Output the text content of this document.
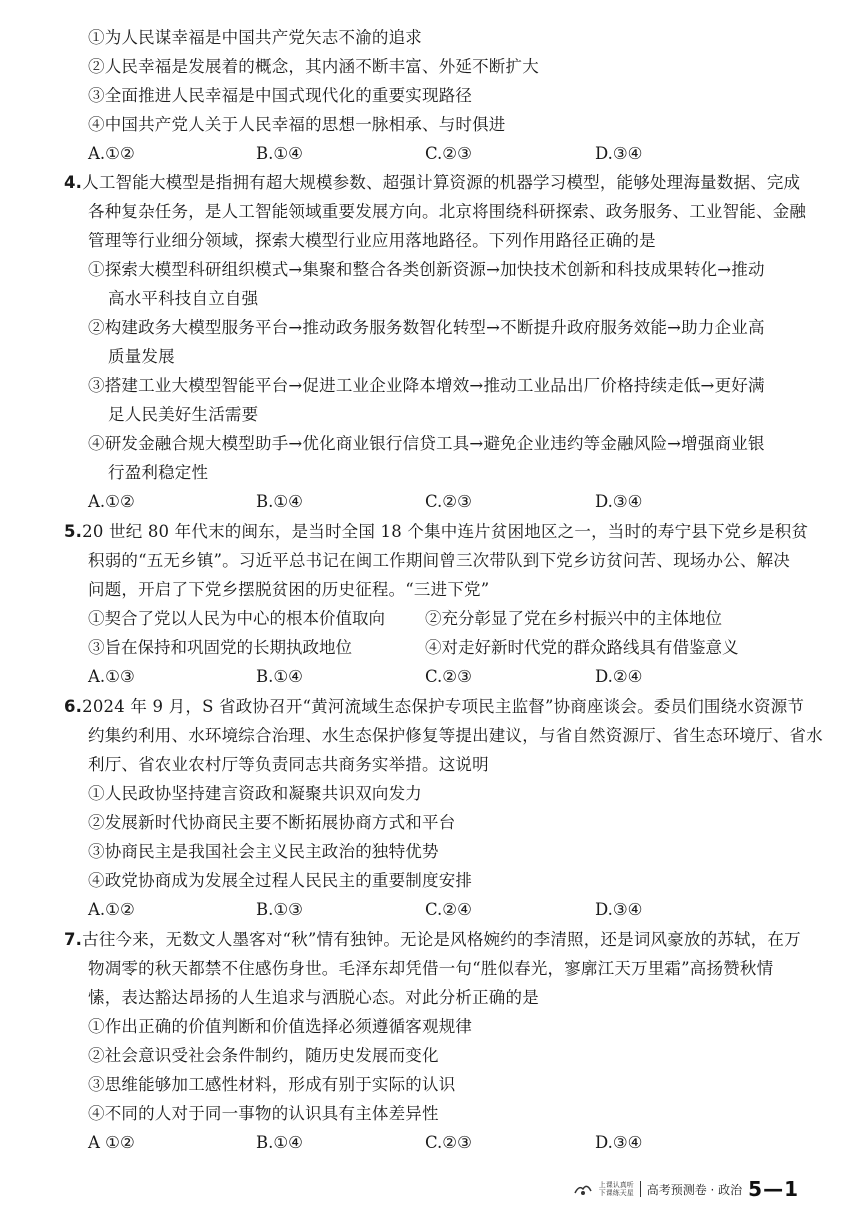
①为人民谋幸福是中国共产党矢志不渝的追求
②人民幸福是发展着的概念，其内涵不断丰富、外延不断扩大
③全面推进人民幸福是中国式现代化的重要实现路径
④中国共产党人关于人民幸福的思想一脉相承、与时俱进
A.①②	B.①④	C.②③	D.③④
4.人工智能大模型是指拥有超大规模参数、超强计算资源的机器学习模型，能够处理海量数据、完成
各种复杂任务，是人工智能领域重要发展方向。北京将围绕科研探索、政务服务、工业智能、金融
管理等行业细分领域，探索大模型行业应用落地路径。下列作用路径正确的是
①探索大模型科研组织模式→集聚和整合各类创新资源→加快技术创新和科技成果转化→推动
高水平科技自立自强
②构建政务大模型服务平台→推动政务服务数智化转型→不断提升政府服务效能→助力企业高
质量发展
③搭建工业大模型智能平台→促进工业企业降本增效→推动工业品出厂价格持续走低→更好满
足人民美好生活需要
④研发金融合规大模型助手→优化商业银行信贷工具→避免企业违约等金融风险→增强商业银
行盈利稳定性
A.①②	B.①④	C.②③	D.③④
5.20 世纪 80 年代末的闽东，是当时全国 18 个集中连片贫困地区之一，当时的寿宁县下党乡是积贫
积弱的“五无乡镇”。习近平总书记在闽工作期间曾三次带队到下党乡访贫问苦、现场办公、解决
问题，开启了下党乡摆脱贫困的历史征程。“三进下党”
①契合了党以人民为中心的根本价值取向 ②充分彰显了党在乡村振兴中的主体地位
③旨在保持和巩固党的长期执政地位	④对走好新时代党的群众路线具有借鉴意义
A.①③	B.①④	C.②③	D.②④
6.2024 年 9 月，S 省政协召开“黄河流域生态保护专项民主监督”协商座谈会。委员们围绕水资源节
约集约利用、水环境综合治理、水生态保护修复等提出建议，与省自然资源厅、省生态环境厅、省水
利厅、省农业农村厅等负责同志共商务实举措。这说明
①人民政协坚持建言资政和凝聚共识双向发力
②发展新时代协商民主要不断拓展协商方式和平台
③协商民主是我国社会主义民主政治的独特优势
④政党协商成为发展全过程人民民主的重要制度安排
A.①②	B.①③	C.②④	D.③④
7.古往今来，无数文人墨客对“秋”情有独钟。无论是风格婉约的李清照，还是词风豪放的苏轼，在万
物凋零的秋天都禁不住感伤身世。毛泽东却凭借一句“胜似春光，寥廓江天万里霜”高扬赞秋情
愫，表达豁达昂扬的人生追求与洒脱心态。对此分析正确的是
①作出正确的价值判断和价值选择必须遵循客观规律
②社会意识受社会条件制约，随历史发展而变化
③思维能够加工感性材料，形成有别于实际的认识
④不同的人对于同一事物的认识具有主体差异性
A ①②	B.①④	C.②③	D.③④
上课认真听
下课练天星 高考预测卷 · 政治 5—1
